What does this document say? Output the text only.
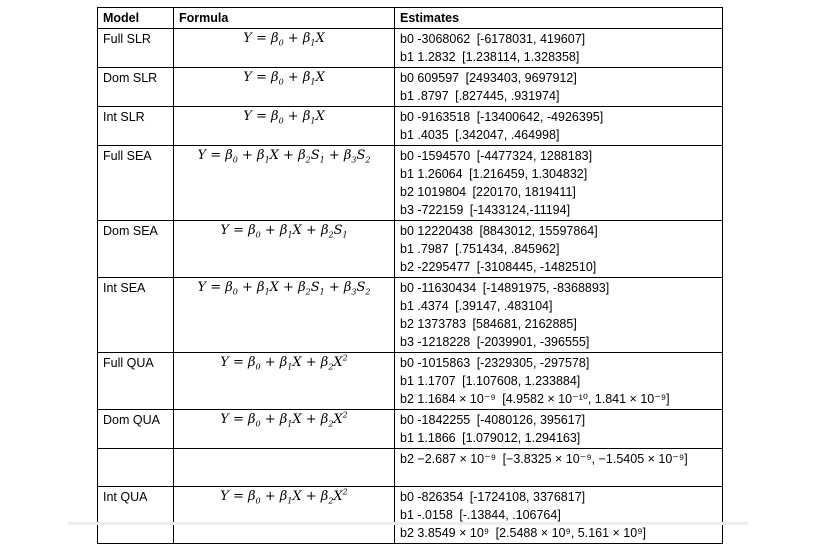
Model	Formula	Estimates
Full SLR	$Y = \beta_0 + \beta_1X$	b0 -3068062 [-6178031, 419607]
b1 1.2832 [1.238114, 1.328358]

Dom SLR	$Y = \beta_0 + \beta_1X$	b0 609597 [2493403, 9697912]
b1 .8797 [.827445, .931974]

Int SLR	$Y = \beta_0 + \beta_1X$	b0 -9163518 [-13400642, -4926395]
b1 .4035 [.342047, .464998]

Full SEA	$Y = \beta_0 + \beta_1X + \beta_2S_1 + \beta_3S_2$	b0 -1594570 [-4477324, 1288183]
b1 1.26064 [1.216459, 1.304832]
b2 1019804 [220170, 1819411]
b3 -722159 [-1433124,-11194]

Dom SEA	$Y = \beta_0 + \beta_1X + \beta_2S_1$	b0 12220438 [8843012, 15597864]
b1 .7987 [.751434, .845962]
b2 -2295477 [-3108445, -1482510]

Int SEA	$Y = \beta_0 + \beta_1X + \beta_2S_1 + \beta_3S_2$	b0 -11630434 [-14891975, -8368893]
b1 .4374 [.39147, .483104]
b2 1373783 [584681, 2162885]
b3 -1218228 [-2039901, -396555]

Full QUA	$Y = \beta_0 + \beta_1X + \beta_2X^2$	b0 -1015863 [-2329305, -297578]
b1 1.1707 [1.107608, 1.233884]
b2 1.1684 × 10⁻⁹ [4.9582 × 10⁻¹⁰, 1.841 × 10⁻⁹]

Dom QUA	$Y = \beta_0 + \beta_1X + \beta_2X^2$	b0 -1842255 [-4080126, 395617]
b1 1.1866 [1.079012, 1.294163]

		b2 −2.687 × 10⁻⁹ [−3.8325 × 10⁻⁹, −1.5405 × 10⁻⁹]

Int QUA	$Y = \beta_0 + \beta_1X + \beta_2X^2$	b0 -826354 [-1724108, 3376817]
b1 -.0158 [-.13844, .106764]
b2 3.8549 × 10⁹ [2.5488 × 10⁹, 5.161 × 10⁹]
